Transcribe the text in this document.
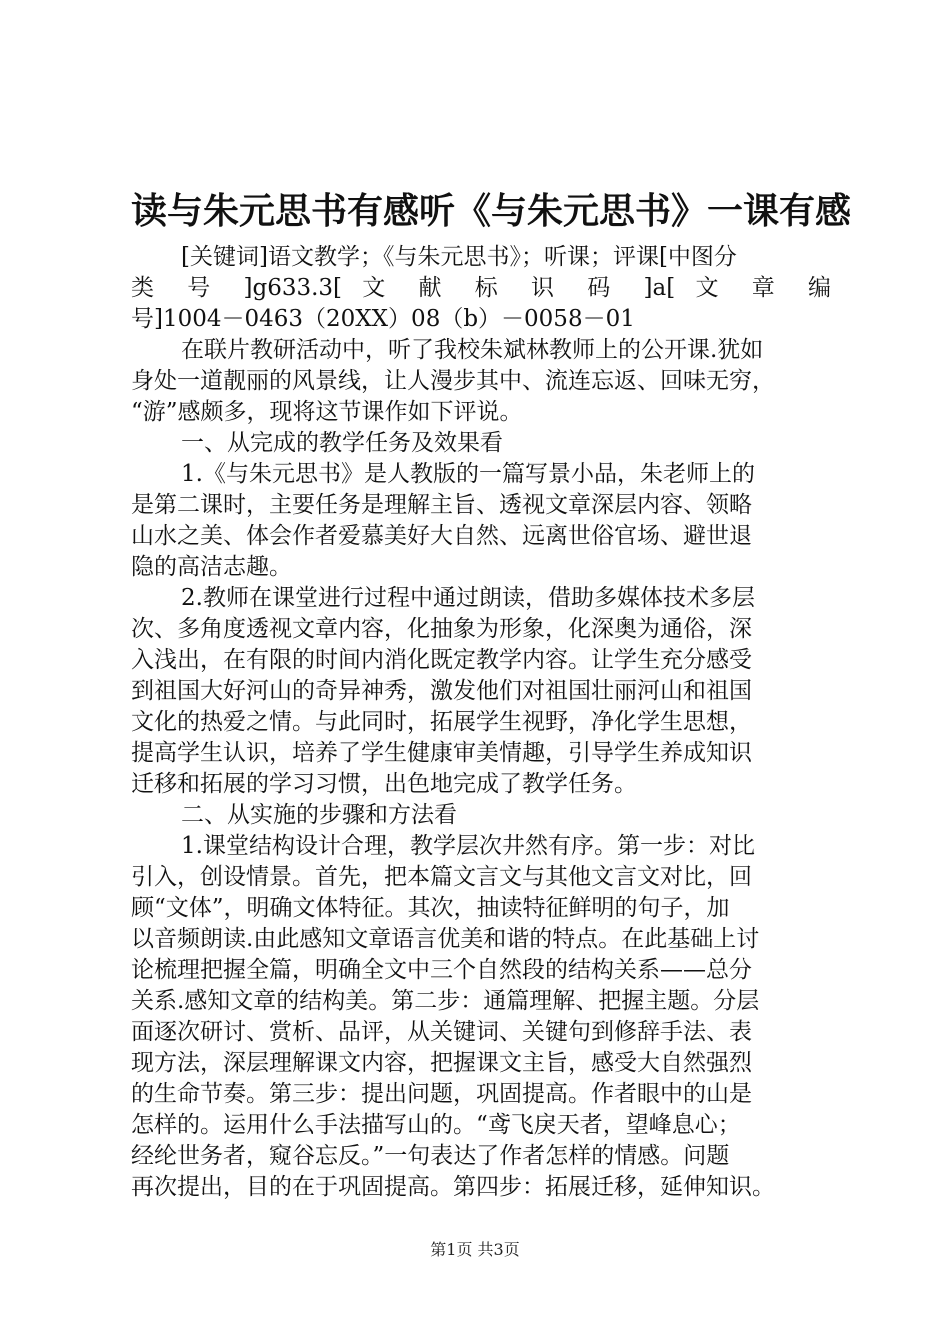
读与朱元思书有感听《与朱元思书》一课有感
[关键词]语文教学；《与朱元思书》；听课；评课[中图分
类 号 ]g633.3[ 文 献 标 识 码 ]a[ 文 章 编
号]1004－0463（20XX）08（b）－0058－01
在联片教研活动中，听了我校朱斌林教师上的公开课.犹如
身处一道靓丽的风景线，让人漫步其中、流连忘返、回味无穷，
“游”感颇多，现将这节课作如下评说。
一、从完成的教学任务及效果看
1.《与朱元思书》是人教版的一篇写景小品，朱老师上的
是第二课时，主要任务是理解主旨、透视文章深层内容、领略
山水之美、体会作者爱慕美好大自然、远离世俗官场、避世退
隐的高洁志趣。
2.教师在课堂进行过程中通过朗读，借助多媒体技术多层
次、多角度透视文章内容，化抽象为形象，化深奥为通俗，深
入浅出，在有限的时间内消化既定教学内容。让学生充分感受
到祖国大好河山的奇异神秀，激发他们对祖国壮丽河山和祖国
文化的热爱之情。与此同时，拓展学生视野，净化学生思想，
提高学生认识，培养了学生健康审美情趣，引导学生养成知识
迁移和拓展的学习习惯，出色地完成了教学任务。
二、从实施的步骤和方法看
1.课堂结构设计合理，教学层次井然有序。第一步：对比
引入，创设情景。首先，把本篇文言文与其他文言文对比，回
顾“文体”，明确文体特征。其次，抽读特征鲜明的句子，加
以音频朗读.由此感知文章语言优美和谐的特点。在此基础上讨
论梳理把握全篇，明确全文中三个自然段的结构关系——总分
关系.感知文章的结构美。第二步：通篇理解、把握主题。分层
面逐次研讨、赏析、品评，从关键词、关键句到修辞手法、表
现方法，深层理解课文内容，把握课文主旨，感受大自然强烈
的生命节奏。第三步：提出问题，巩固提高。作者眼中的山是
怎样的。运用什么手法描写山的。“鸢飞戾天者，望峰息心；
经纶世务者，窥谷忘反。”一句表达了作者怎样的情感。问题
再次提出，目的在于巩固提高。第四步：拓展迁移，延伸知识。
第1页 共3页
